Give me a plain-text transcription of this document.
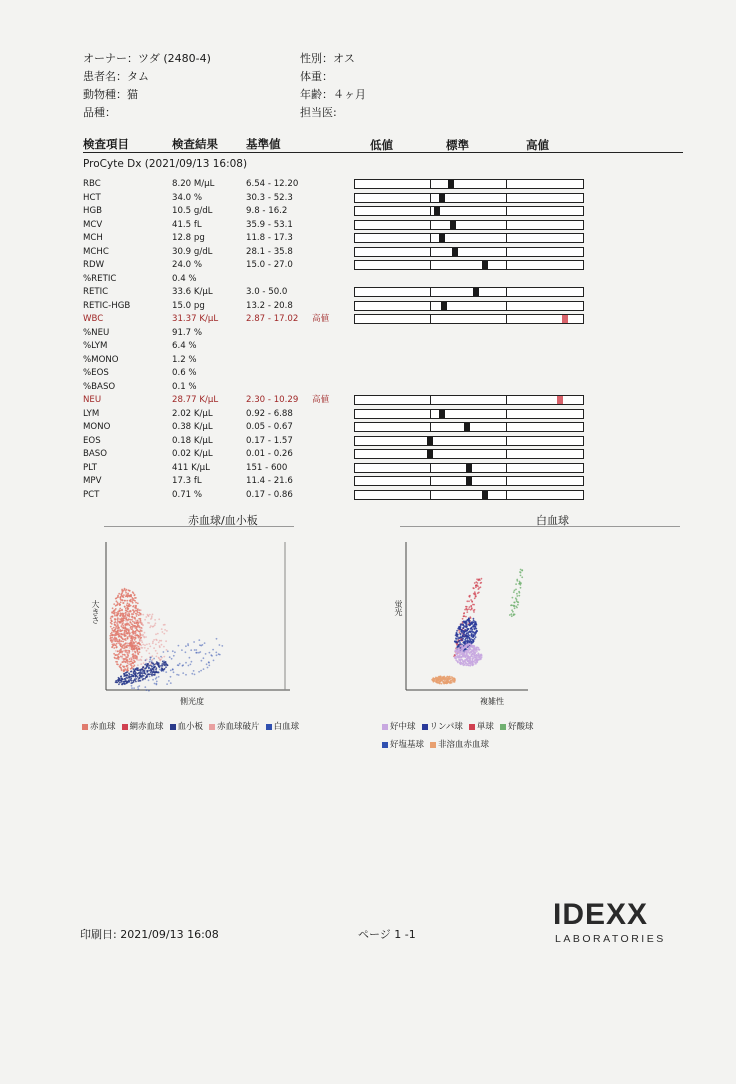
オーナー：ツダ (2480-4)
患者名：タム
動物種：猫
品種：
性別：オス
体重：
年齢：４ヶ月
担当医:
検査項目	検査結果 基準値	低値	標準	高値
ProCyte Dx (2021/09/13 16:08)
RBC	8.20 M/μL	6.54 - 12.20
HCT	34.0 %	30.3 - 52.3
HGB	10.5 g/dL	9.8 - 16.2
MCV	41.5 fL	35.9 - 53.1
MCH	12.8 pg	11.8 - 17.3
MCHC	30.9 g/dL	28.1 - 35.8
RDW	24.0 %	15.0 - 27.0
%RETIC	0.4 %
RETIC	33.6 K/μL	3.0 - 50.0
RETIC-HGB	15.0 pg	13.2 - 20.8
WBC	31.37 K/μL	2.87 - 17.02 高値
%NEU	91.7 %
%LYM	6.4 %
%MONO	1.2 %
%EOS	0.6 %
%BASO	0.1 %
NEU	28.77 K/μL	2.30 - 10.29 高値
LYM	2.02 K/μL	0.92 - 6.88
MONO	0.38 K/μL	0.05 - 0.67
EOS	0.18 K/μL	0.17 - 1.57
BASO	0.02 K/μL	0.01 - 0.26
PLT	411 K/μL	151 - 600
MPV	17.3 fL	11.4 - 21.6
PCT	0.71 %	0.17 - 0.86
赤血球/血小板	白血球
大きさ
側光度
蛍光
複雑性
赤血球 網赤血球 血小板 赤血球破片 白血球	好中球 リンパ球 単球 好酸球好塩基球 非溶血赤血球
印刷日: 2021/09/13 16:08	ページ 1 -1
IDEXX
LABORATORIES
